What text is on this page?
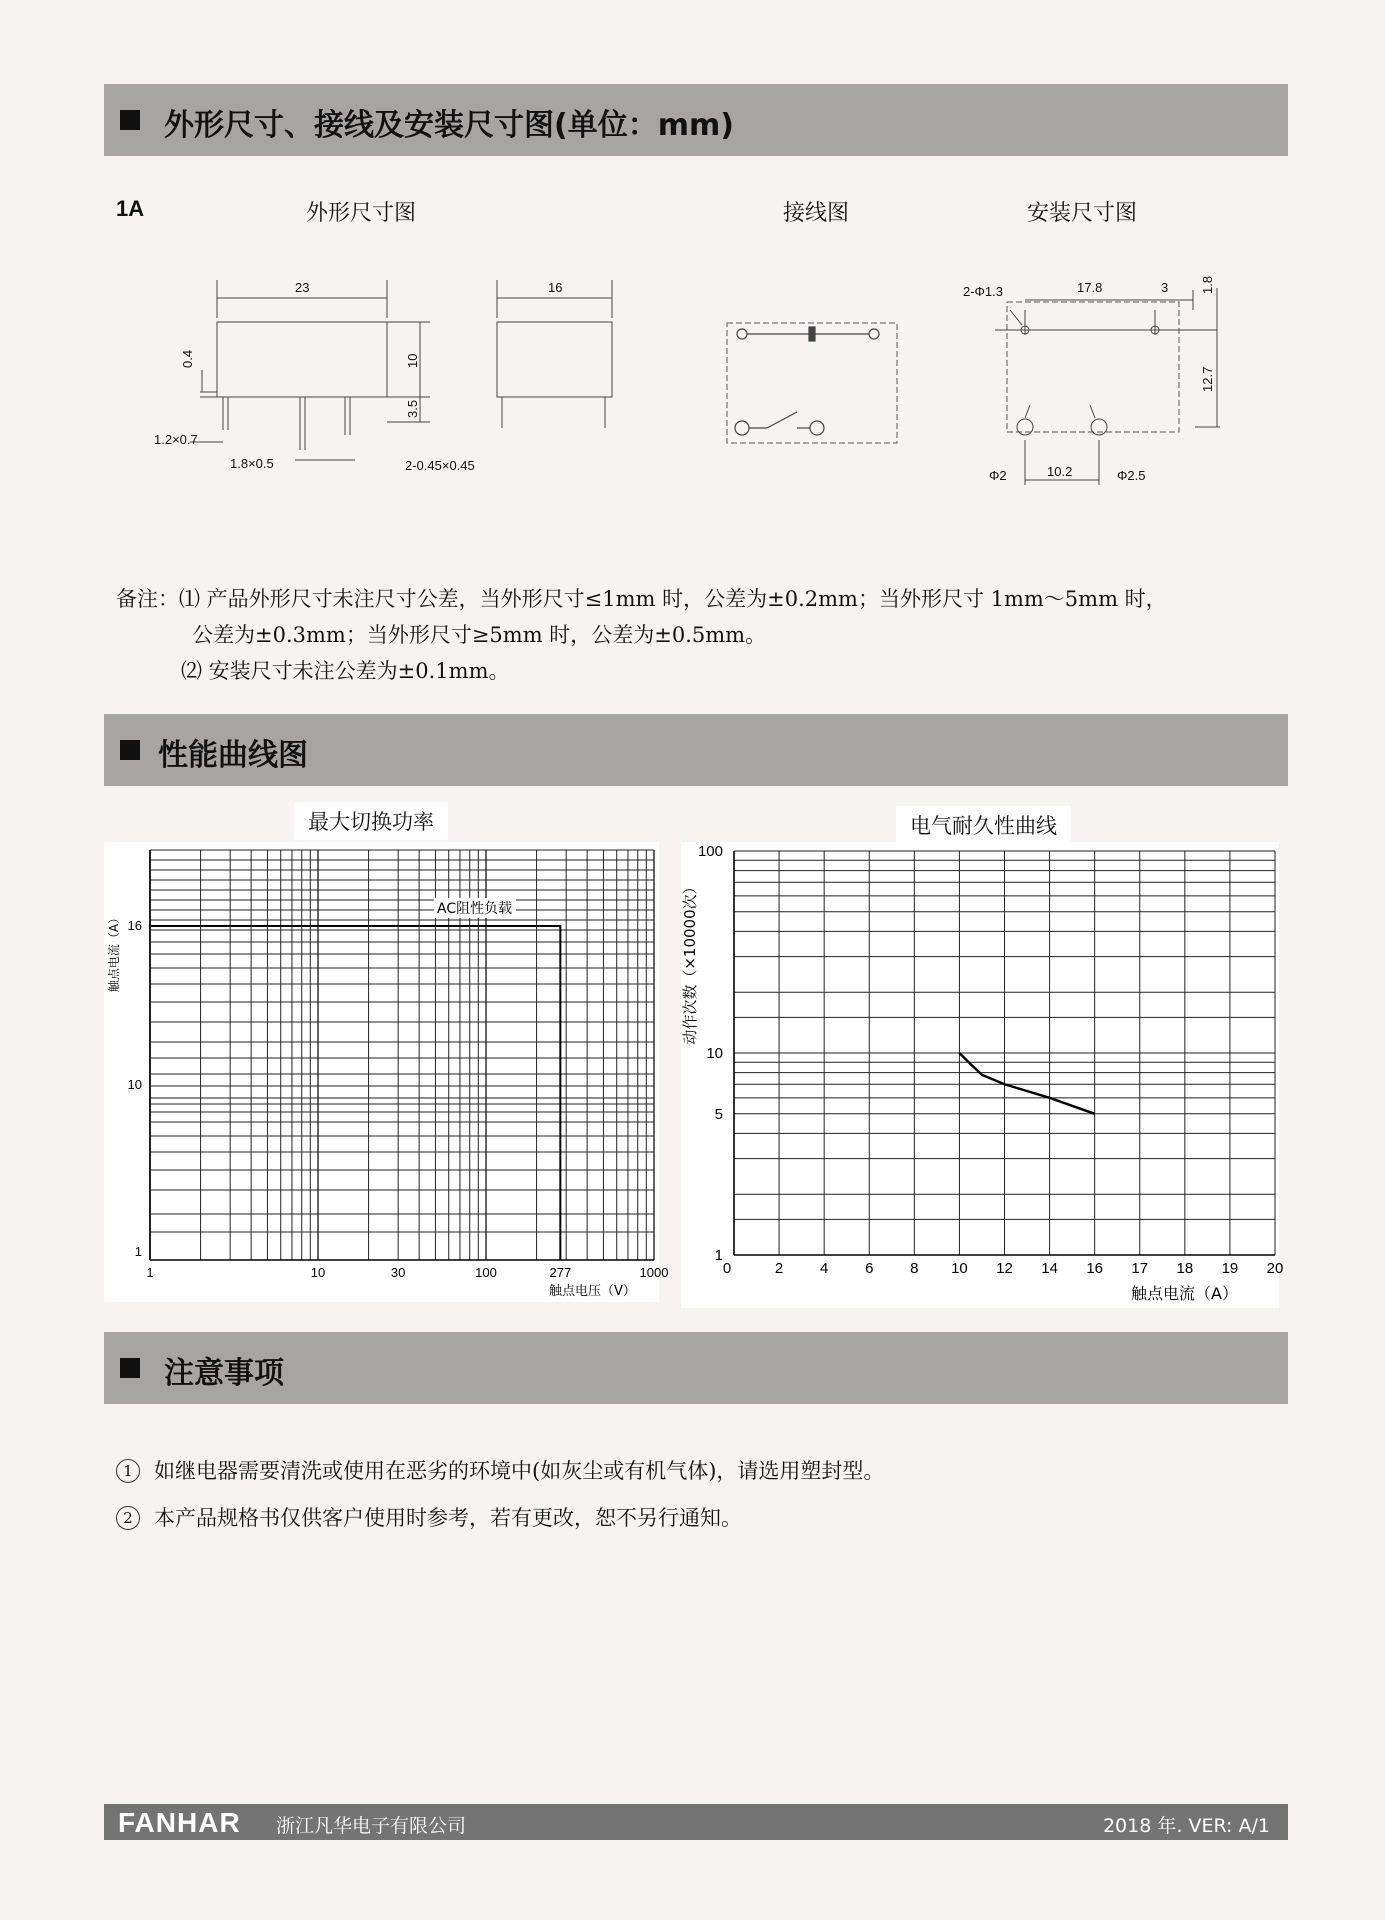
外形尺寸、接线及安装尺寸图(单位：mm)
1A	外形尺寸图	接线图	安装尺寸图
23	16
0.4	10
3.5
1.2×0.7
1.8×0.5	2-0.45×0.45
2-Φ1.3	17.8	3 1.8
12.7
Φ2	10.2	Φ2.5
备注：⑴ 产品外形尺寸未注尺寸公差，当外形尺寸≤1mm 时，公差为±0.2mm；当外形尺寸 1mm～5mm 时，
公差为±0.3mm；当外形尺寸≥5mm 时，公差为±0.5mm。
⑵ 安装尺寸未注公差为±0.1mm。
性能曲线图
最大切换功率	电气耐久性曲线
1
10
16
1	10	30	100	277	1000
AC阻性负载
触点电流（A）
触点电压（V）
0	2 4 6 8 10 12 14 16 17 18 19 20
1
5
10
100
动作次数（×10000次）
触点电流（A）
注意事项
1 如继电器需要清洗或使用在恶劣的环境中(如灰尘或有机气体)，请选用塑封型。
2 本产品规格书仅供客户使用时参考，若有更改，恕不另行通知。
FANHAR 浙江凡华电子有限公司	2018 年. VER: A/1
